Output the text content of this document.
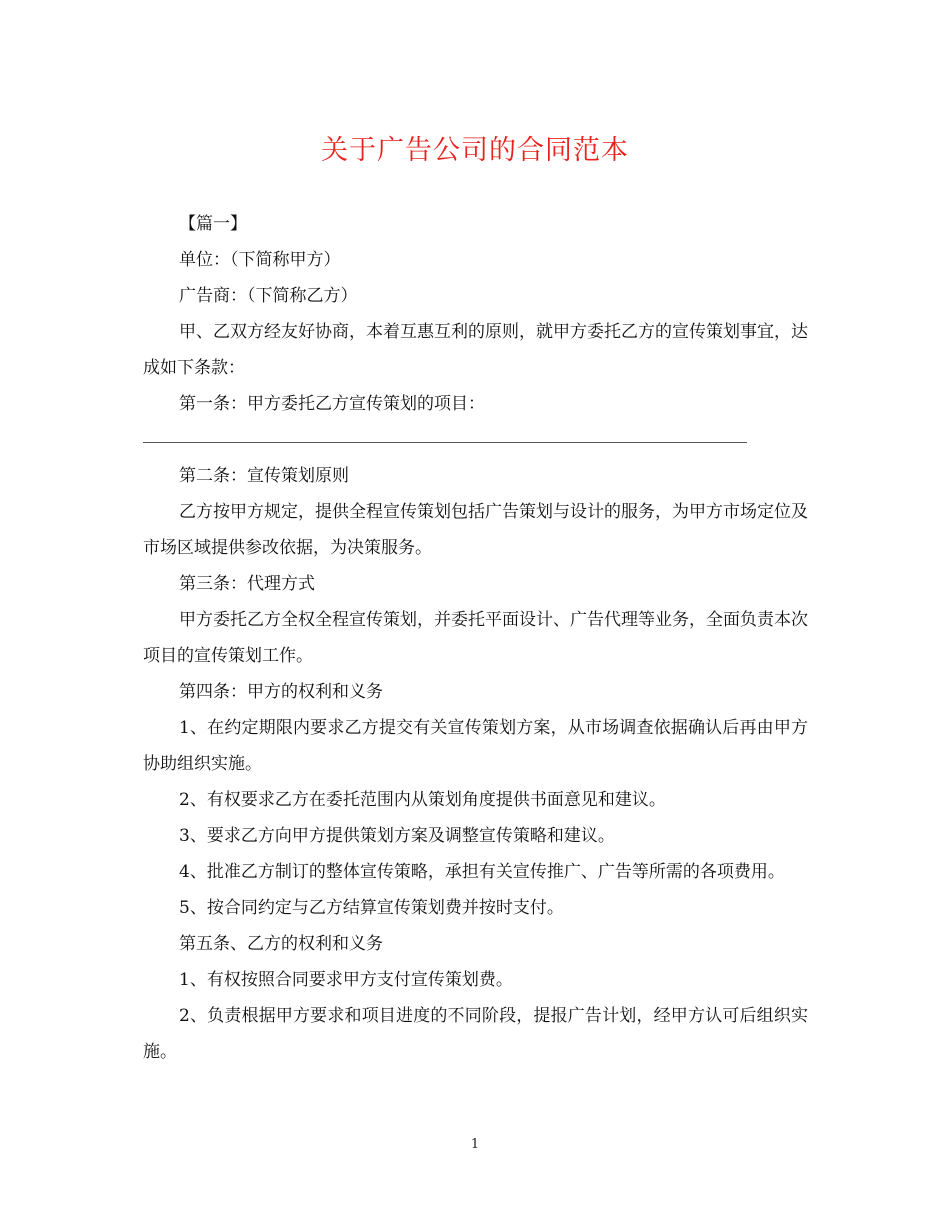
关于广告公司的合同范本

【篇一】

单位：（下简称甲方）

广告商：（下简称乙方）

甲、乙双方经友好协商，本着互惠互利的原则，就甲方委托乙方的宣传策划事宜，达成如下条款：

第一条：甲方委托乙方宣传策划的项目：

第二条：宣传策划原则

乙方按甲方规定，提供全程宣传策划包括广告策划与设计的服务，为甲方市场定位及市场区域提供参改依据，为决策服务。

第三条：代理方式

甲方委托乙方全权全程宣传策划，并委托平面设计、广告代理等业务，全面负责本次项目的宣传策划工作。

第四条：甲方的权利和义务

1、在约定期限内要求乙方提交有关宣传策划方案，从市场调查依据确认后再由甲方协助组织实施。

2、有权要求乙方在委托范围内从策划角度提供书面意见和建议。

3、要求乙方向甲方提供策划方案及调整宣传策略和建议。

4、批准乙方制订的整体宣传策略，承担有关宣传推广、广告等所需的各项费用。

5、按合同约定与乙方结算宣传策划费并按时支付。

第五条、乙方的权利和义务

1、有权按照合同要求甲方支付宣传策划费。

2、负责根据甲方要求和项目进度的不同阶段，提报广告计划，经甲方认可后组织实施。

1
